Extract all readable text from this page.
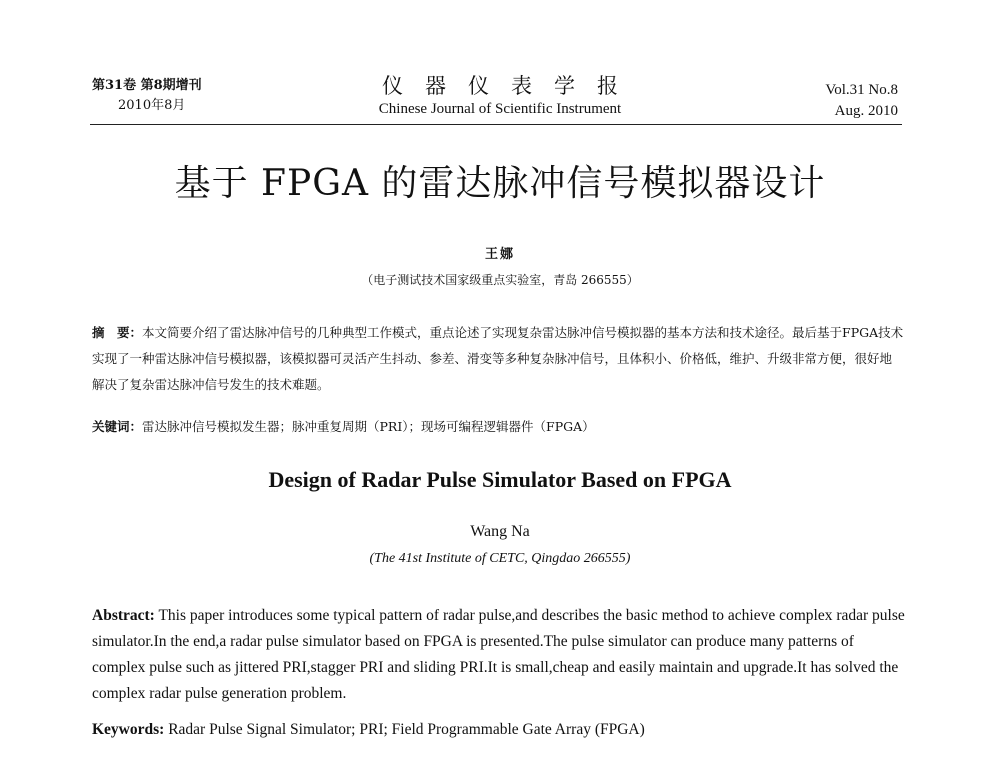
第31卷 第8期增刊
2010年8月
仪器仪表学报
Chinese Journal of Scientific Instrument
Vol.31 No.8
Aug. 2010
基于 FPGA 的雷达脉冲信号模拟器设计
王娜
（电子测试技术国家级重点实验室，青岛 266555）
摘　要：本文简要介绍了雷达脉冲信号的几种典型工作模式，重点论述了实现复杂雷达脉冲信号模拟器的基本方法和技术途径。最后基于FPGA技术实现了一种雷达脉冲信号模拟器，该模拟器可灵活产生抖动、参差、滑变等多种复杂脉冲信号，且体积小、价格低，维护、升级非常方便，很好地解决了复杂雷达脉冲信号发生的技术难题。
关键词：雷达脉冲信号模拟发生器；脉冲重复周期（PRI）；现场可编程逻辑器件（FPGA）
Design of Radar Pulse Simulator Based on FPGA
Wang Na
(The 41st Institute of CETC, Qingdao 266555)
Abstract: This paper introduces some typical pattern of radar pulse,and describes the basic method to achieve complex radar pulse simulator.In the end,a radar pulse simulator based on FPGA is presented.The pulse simulator can produce many patterns of complex pulse such as jittered PRI,stagger PRI and sliding PRI.It is small,cheap and easily maintain and upgrade.It has solved the complex radar pulse generation problem.
Keywords: Radar Pulse Signal Simulator; PRI; Field Programmable Gate Array (FPGA)
